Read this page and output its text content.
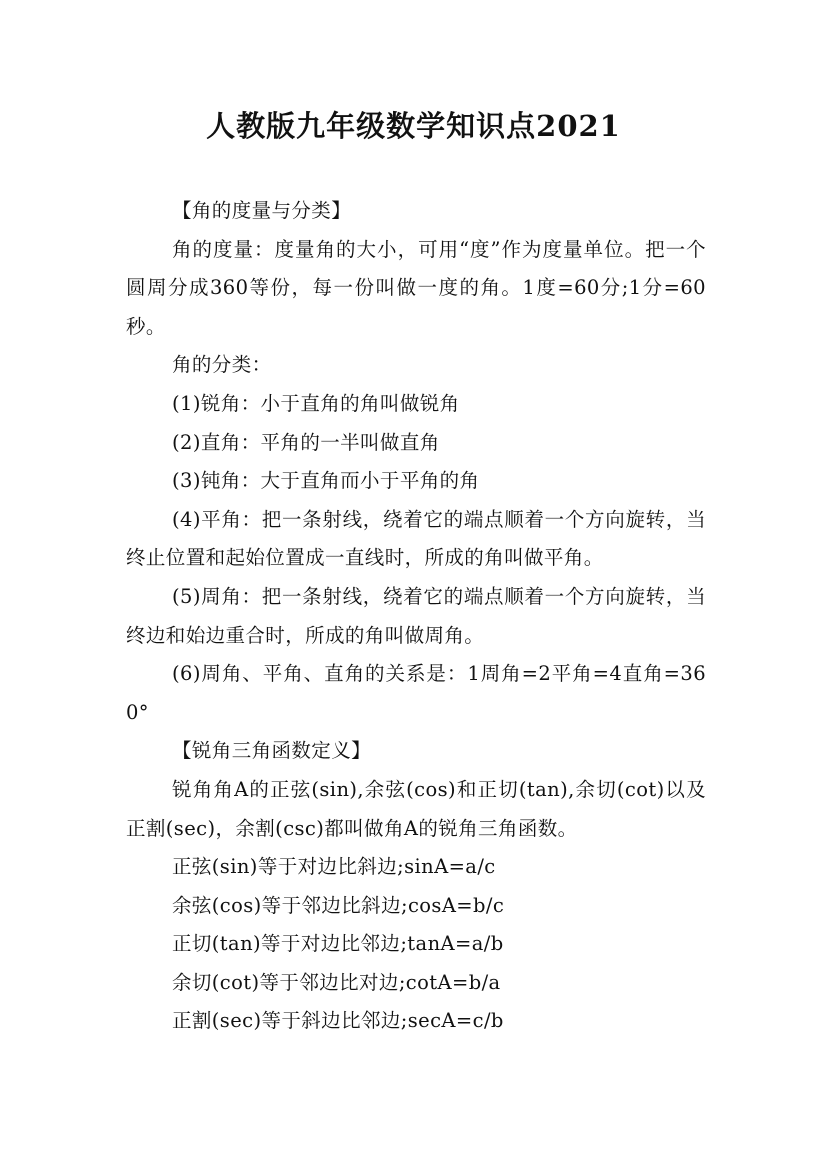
人教版九年级数学知识点2021

【角的度量与分类】

角的度量：度量角的大小，可用“度”作为度量单位。把一个圆周分成360等份，每一份叫做一度的角。1度=60分;1分=60秒。

角的分类：

(1)锐角：小于直角的角叫做锐角

(2)直角：平角的一半叫做直角

(3)钝角：大于直角而小于平角的角

(4)平角：把一条射线，绕着它的端点顺着一个方向旋转，当终止位置和起始位置成一直线时，所成的角叫做平角。

(5)周角：把一条射线，绕着它的端点顺着一个方向旋转，当终边和始边重合时，所成的角叫做周角。

(6)周角、平角、直角的关系是：1周角=2平角=4直角=360°

【锐角三角函数定义】

锐角角A的正弦(sin),余弦(cos)和正切(tan),余切(cot)以及正割(sec)，余割(csc)都叫做角A的锐角三角函数。

正弦(sin)等于对边比斜边;sinA=a/c

余弦(cos)等于邻边比斜边;cosA=b/c

正切(tan)等于对边比邻边;tanA=a/b

余切(cot)等于邻边比对边;cotA=b/a

正割(sec)等于斜边比邻边;secA=c/b
